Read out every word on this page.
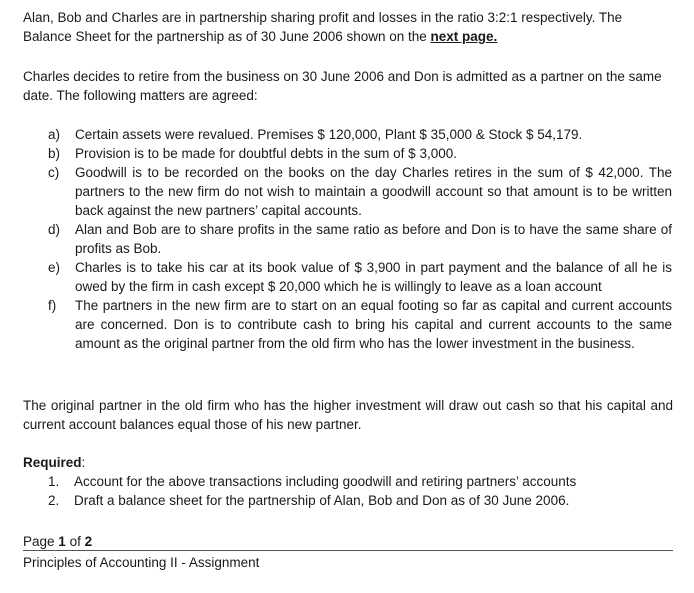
Alan, Bob and Charles are in partnership sharing profit and losses in the ratio 3:2:1 respectively. The Balance Sheet for the partnership as of 30 June 2006 shown on the next page.

Charles decides to retire from the business on 30 June 2006 and Don is admitted as a partner on the same date. The following matters are agreed:

a) Certain assets were revalued. Premises $ 120,000, Plant $ 35,000 & Stock $ 54,179.
b) Provision is to be made for doubtful debts in the sum of $ 3,000.
c) Goodwill is to be recorded on the books on the day Charles retires in the sum of $ 42,000. The partners to the new firm do not wish to maintain a goodwill account so that amount is to be written back against the new partners’ capital accounts.
d) Alan and Bob are to share profits in the same ratio as before and Don is to have the same share of profits as Bob.
e) Charles is to take his car at its book value of $ 3,900 in part payment and the balance of all he is owed by the firm in cash except $ 20,000 which he is willingly to leave as a loan account
f) The partners in the new firm are to start on an equal footing so far as capital and current accounts are concerned. Don is to contribute cash to bring his capital and current accounts to the same amount as the original partner from the old firm who has the lower investment in the business.

The original partner in the old firm who has the higher investment will draw out cash so that his capital and current account balances equal those of his new partner.

Required:
1. Account for the above transactions including goodwill and retiring partners’ accounts
2. Draft a balance sheet for the partnership of Alan, Bob and Don as of 30 June 2006.
Page 1 of 2
Principles of Accounting II - Assignment
